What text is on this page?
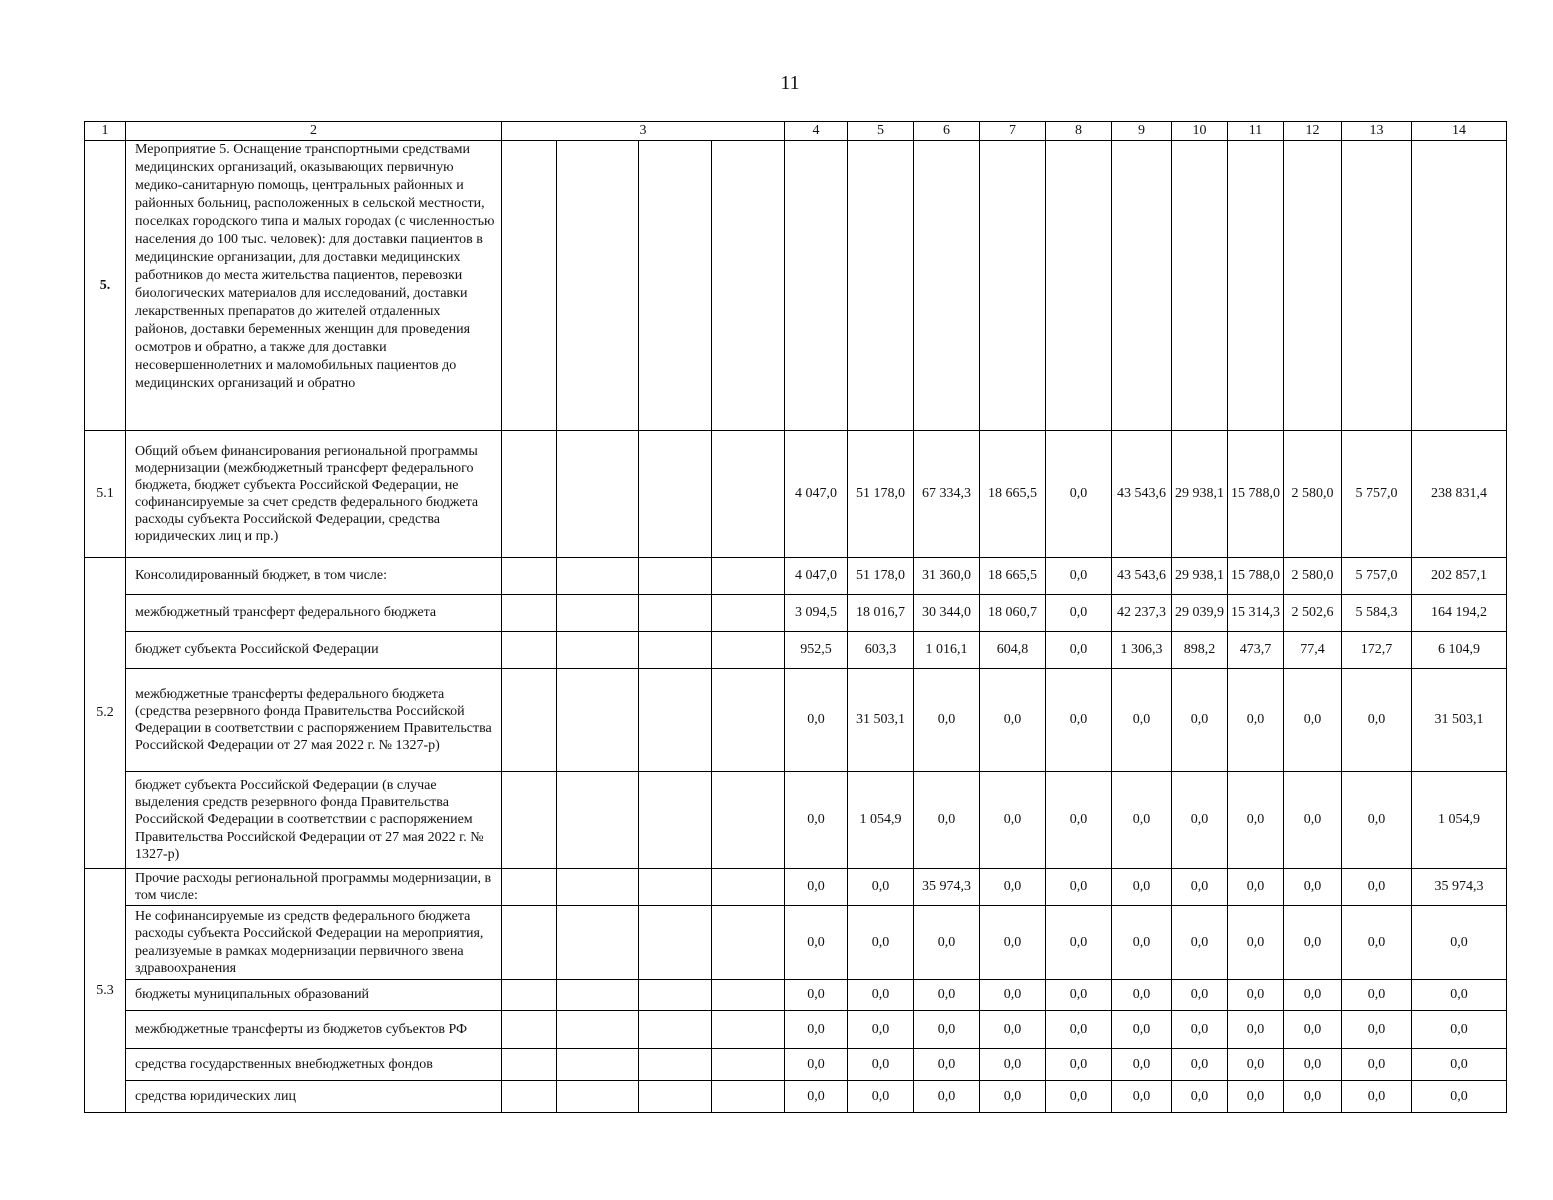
11
1	2	3				4	5	6	7	8	9	10	11	12	13	14
5.	Мероприятие 5. Оснащение транспортными средствами медицинских организаций, оказывающих первичную медико-санитарную помощь, центральных районных и районных больниц, расположенных в сельской местности, поселках городского типа и малых городах (с численностью населения до 100 тыс. человек): для доставки пациентов в медицинские организации, для доставки медицинских работников до места жительства пациентов, перевозки биологических материалов для исследований, доставки лекарственных препаратов до жителей отдаленных районов, доставки беременных женщин для проведения осмотров и обратно, а также для доставки несовершеннолетних и маломобильных пациентов до медицинских организаций и обратно															
5.1	Общий объем финансирования региональной программы модернизации (межбюджетный трансферт федерального бюджета, бюджет субъекта Российской Федерации, не софинансируемые за счет средств федерального бюджета расходы субъекта Российской Федерации, средства юридических лиц и пр.)					4 047,0	51 178,0	67 334,3	18 665,5	0,0	43 543,6	29 938,1	15 788,0	2 580,0	5 757,0	238 831,4
5.2	Консолидированный бюджет, в том числе:					4 047,0	51 178,0	31 360,0	18 665,5	0,0	43 543,6	29 938,1	15 788,0	2 580,0	5 757,0	202 857,1
	межбюджетный трансферт федерального бюджета					3 094,5	18 016,7	30 344,0	18 060,7	0,0	42 237,3	29 039,9	15 314,3	2 502,6	5 584,3	164 194,2
	бюджет субъекта Российской Федерации					952,5	603,3	1 016,1	604,8	0,0	1 306,3	898,2	473,7	77,4	172,7	6 104,9
	межбюджетные трансферты федерального бюджета (средства резервного фонда Правительства Российской Федерации в соответствии с распоряжением Правительства Российской Федерации от 27 мая 2022 г. № 1327-р)					0,0	31 503,1	0,0	0,0	0,0	0,0	0,0	0,0	0,0	0,0	31 503,1
	бюджет субъекта Российской Федерации (в случае выделения средств резервного фонда Правительства Российской Федерации в соответствии с распоряжением Правительства Российской Федерации от 27 мая 2022 г. № 1327-р)					0,0	1 054,9	0,0	0,0	0,0	0,0	0,0	0,0	0,0	0,0	1 054,9
5.3	Прочие расходы региональной программы модернизации, в том числе:					0,0	0,0	35 974,3	0,0	0,0	0,0	0,0	0,0	0,0	0,0	35 974,3
	Не софинансируемые из средств федерального бюджета расходы субъекта Российской Федерации на мероприятия, реализуемые в рамках модернизации первичного звена здравоохранения					0,0	0,0	0,0	0,0	0,0	0,0	0,0	0,0	0,0	0,0	0,0
	бюджеты муниципальных образований					0,0	0,0	0,0	0,0	0,0	0,0	0,0	0,0	0,0	0,0	0,0
	межбюджетные трансферты из бюджетов субъектов РФ					0,0	0,0	0,0	0,0	0,0	0,0	0,0	0,0	0,0	0,0	0,0
	средства государственных внебюджетных фондов					0,0	0,0	0,0	0,0	0,0	0,0	0,0	0,0	0,0	0,0	0,0
	средства юридических лиц					0,0	0,0	0,0	0,0	0,0	0,0	0,0	0,0	0,0	0,0	0,0
